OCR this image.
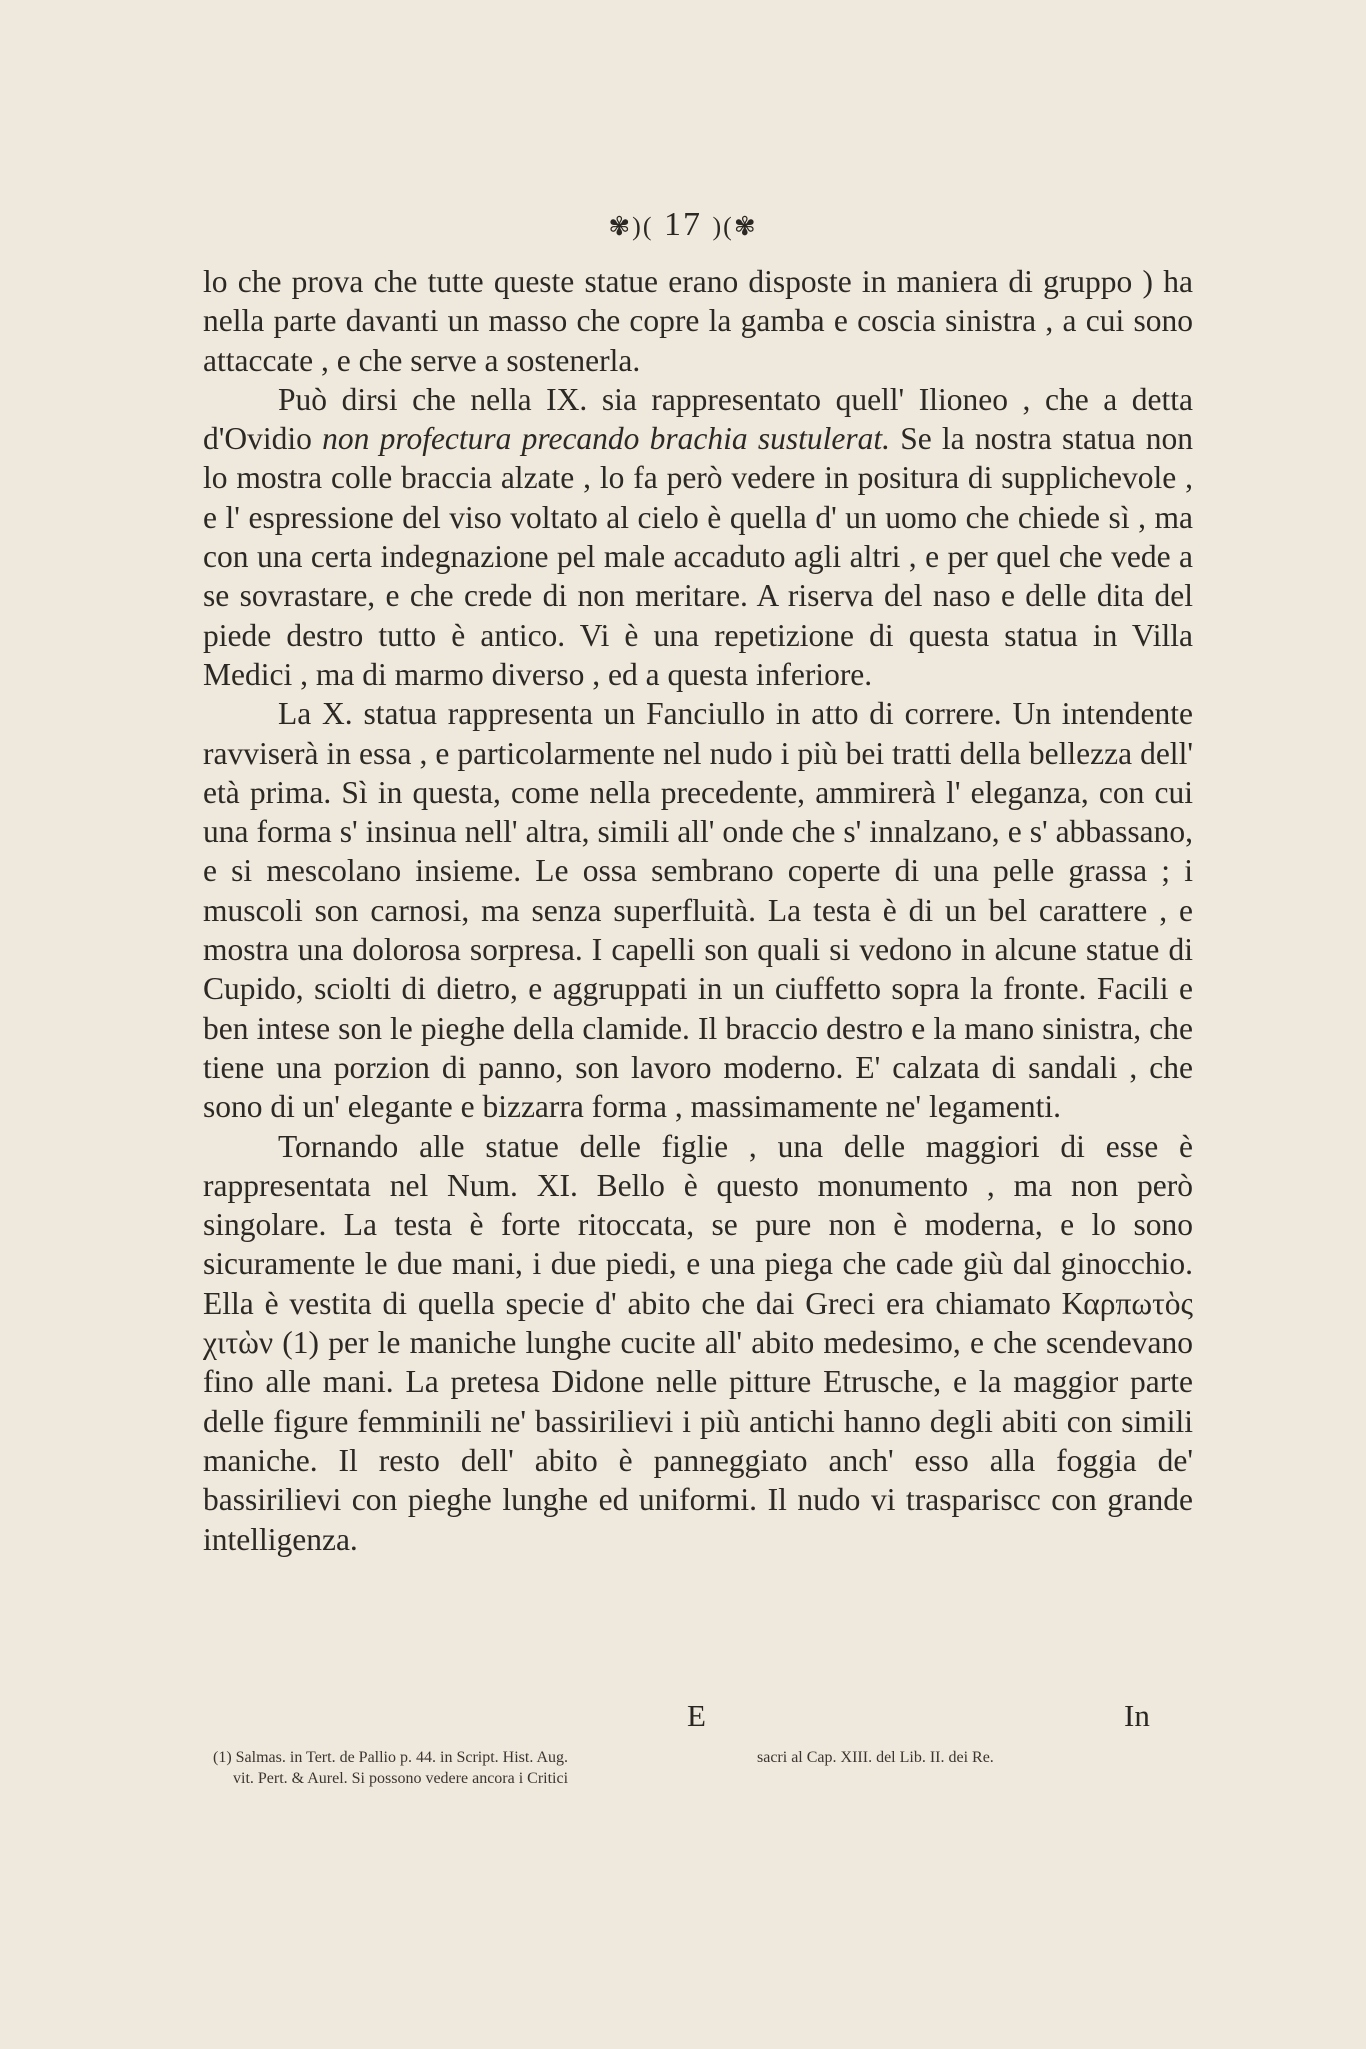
✾)( 17 )(✾

lo che prova che tutte queste statue erano disposte in maniera di gruppo ) ha nella parte davanti un masso che copre la gamba e coscia sinistra , a cui sono attaccate , e che serve a sostenerla.

Può dirsi che nella IX. sia rappresentato quell' Ilioneo , che a detta d'Ovidio non profectura precando brachia sustulerat. Se la nostra statua non lo mostra colle braccia alzate , lo fa però vedere in positura di supplichevole , e l' espressione del viso voltato al cielo è quella d' un uomo che chiede sì , ma con una certa indegnazione pel male accaduto agli altri , e per quel che vede a se sovrastare, e che crede di non meritare. A riserva del naso e delle dita del piede destro tutto è antico. Vi è una repetizione di questa statua in Villa Medici , ma di marmo diverso , ed a questa inferiore.

La X. statua rappresenta un Fanciullo in atto di correre. Un intendente ravviserà in essa , e particolarmente nel nudo i più bei tratti della bellezza dell' età prima. Sì in questa, come nella precedente, ammirerà l' eleganza, con cui una forma s' insinua nell' altra, simili all' onde che s' innalzano, e s' abbassano, e si mescolano insieme. Le ossa sembrano coperte di una pelle grassa ; i muscoli son carnosi, ma senza superfluità. La testa è di un bel carattere , e mostra una dolorosa sorpresa. I capelli son quali si vedono in alcune statue di Cupido, sciolti di dietro, e aggruppati in un ciuffetto sopra la fronte. Facili e ben intese son le pieghe della clamide. Il braccio destro e la mano sinistra, che tiene una porzion di panno, son lavoro moderno. E' calzata di sandali , che sono di un' elegante e bizzarra forma , massimamente ne' legamenti.

Tornando alle statue delle figlie , una delle maggiori di esse è rappresentata nel Num. XI. Bello è questo monumento , ma non però singolare. La testa è forte ritoccata, se pure non è moderna, e lo sono sicuramente le due mani, i due piedi, e una piega che cade giù dal ginocchio. Ella è vestita di quella specie d' abito che dai Greci era chiamato Καρπωτὸς χιτὼν (1) per le maniche lunghe cucite all' abito medesimo, e che scendevano fino alle mani. La pretesa Didone nelle pitture Etrusche, e la maggior parte delle figure femminili ne' bassirilievi i più antichi hanno degli abiti con simili maniche. Il resto dell' abito è panneggiato anch' esso alla foggia de' bassirilievi con pieghe lunghe ed uniformi. Il nudo vi traspariscc con grande intelligenza.

E	In
(1) Salmas. in Tert. de Pallio p. 44. in Script. Hist. Aug.
vit. Pert. & Aurel. Si possono vedere ancora i Critici
sacri al Cap. XIII. del Lib. II. dei Re.
